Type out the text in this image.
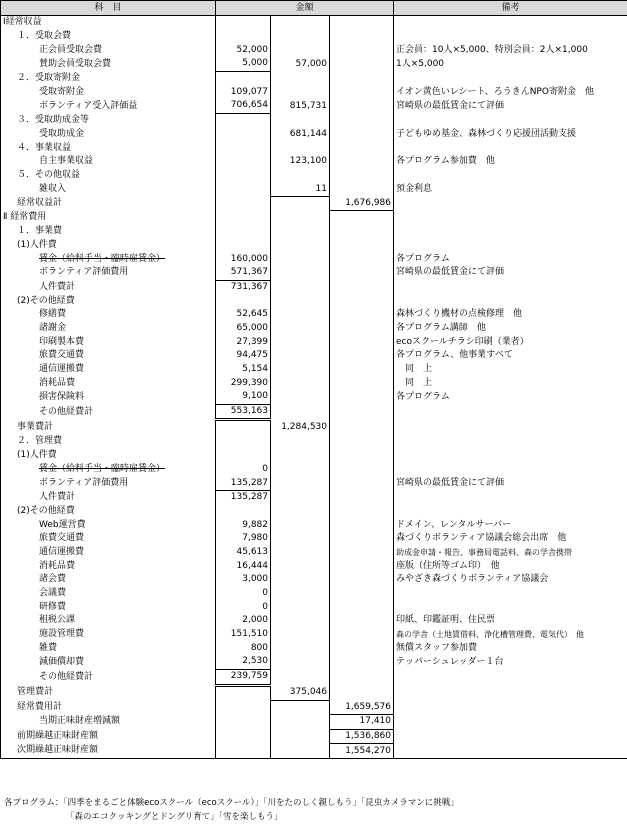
科　目	金額			備考
Ⅰ経常収益				
１．受取会費				
正会員受取会費	52,000			正会員：10人×5,000、特別会員：2人×1,000
賛助会員受取会費	5,000	57,000		1人×5,000
２．受取寄附金				
受取寄附金	109,077			イオン黄色いレシート、ろうきんNPO寄附金　他
ボランティア受入評価益	706,654	815,731		宮崎県の最低賃金にて評価
３．受取助成金等				
受取助成金		681,144		子どもゆめ基金、森林づくり応援団活動支援
４．事業収益				
自主事業収益		123,100		各プログラム参加費　他
５．その他収益				
雑収入		11		預金利息
経常収益計			1,676,986	
Ⅱ 経常費用				
１．事業費				
(1)人件費				
賃金（給料手当・臨時雇賃金）	160,000			各プログラム
ボランティア評価費用	571,367			宮崎県の最低賃金にて評価
人件費計	731,367			
(2)その他経費				
修繕費	52,645			森林づくり機材の点検修理　他
諸謝金	65,000			各プログラム講師　他
印刷製本費	27,399			ecoスクールチラシ印刷（業者）
旅費交通費	94,475			各プログラム、他事業すべて
通信運搬費	5,154			　同　上
消耗品費	299,390			　同　上
損害保険料	9,100			各プログラム
その他経費計	553,163			
事業費計		1,284,530		
２．管理費				
(1)人件費				
賃金（給料手当・臨時雇賃金）	0			
ボランティア評価費用	135,287			宮崎県の最低賃金にて評価
人件費計	135,287			
(2)その他経費				
Web運営費	9,882			ドメイン、レンタルサーバー
旅費交通費	7,980			森づくりボランティア協議会総会出席　他
通信運搬費	45,613			助成金申請・報告、事務局電話料、森の学舎携帯
消耗品費	16,444			座版（住所等ゴム印）　他
諸会費	3,000			みやざき森づくりボランティア協議会
会議費	0			
研修費	0			
租税公課	2,000			印紙、印鑑証明、住民票
施設管理費	151,510			森の学舎（土地賃借料、浄化槽管理費、電気代）　他
雑費	800			無償スタッフ参加費
減価償却費	2,530			テッパーシュレッダー１台
その他経費計	239,759			
管理費計		375,046		
経常費用計			1,659,576	
当期正味財産増減額			17,410	
前期繰越正味財産額			1,536,860	
次期繰越正味財産額			1,554,270	
各プログラム：「四季をまるごと体験ecoスクール（ecoスクール）」「川をたのしく親しもう」「昆虫カメラマンに挑戦」
「森のエコクッキングとドングリ育て」「雪を楽しもう」
